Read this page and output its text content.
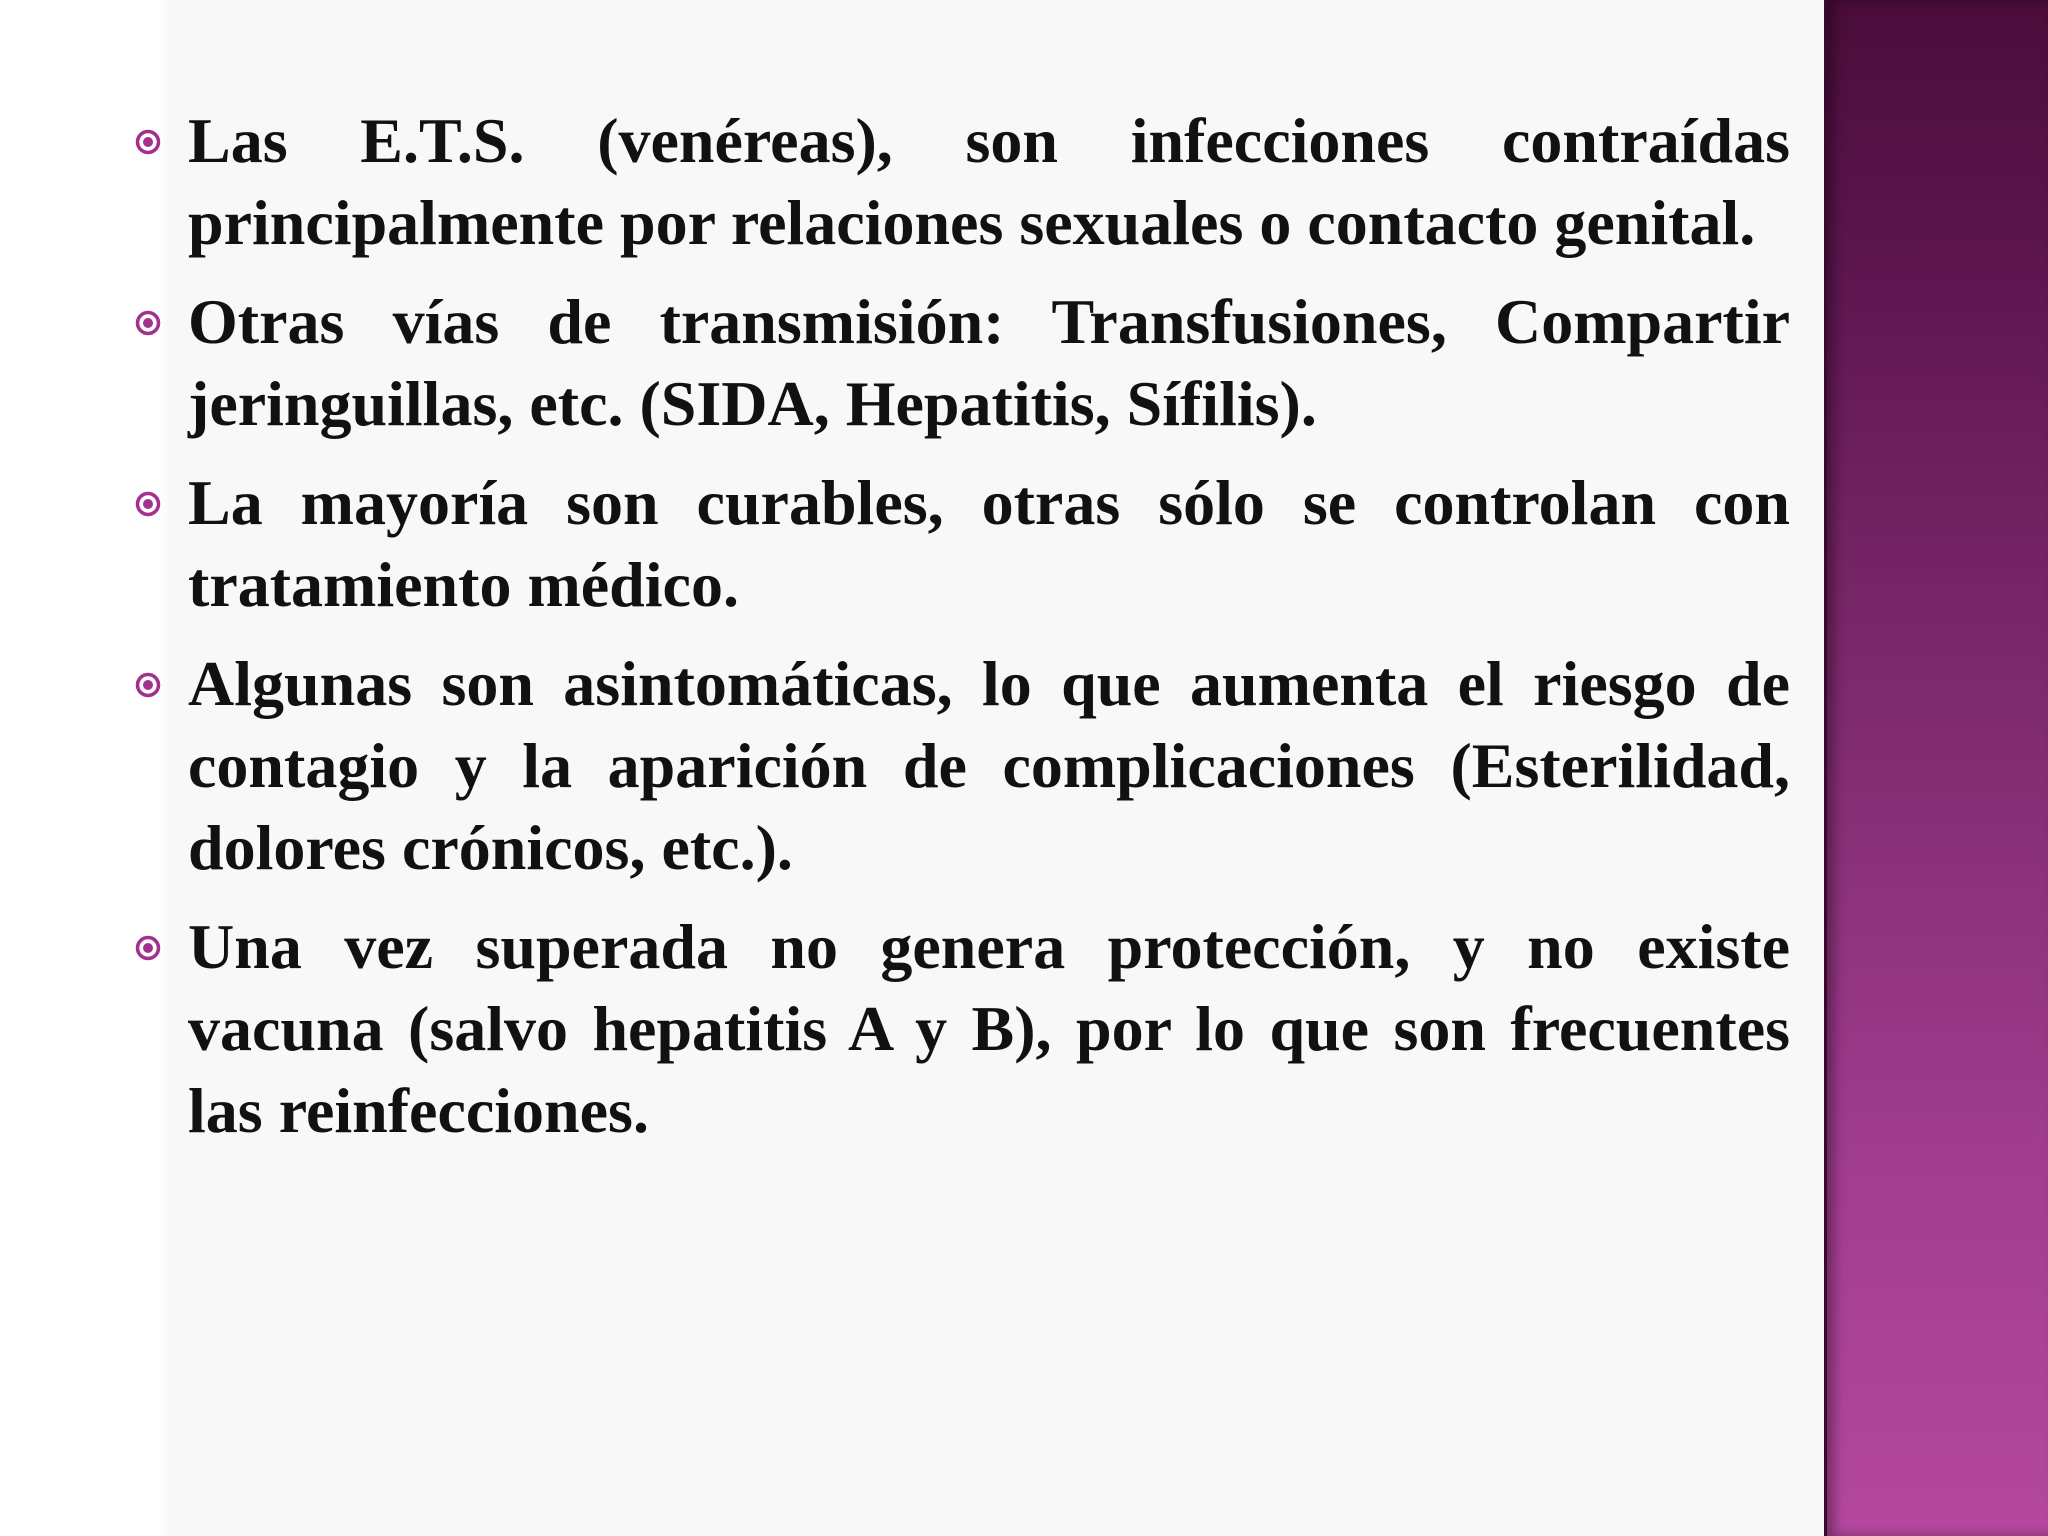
Las E.T.S. (venéreas), son infecciones contraídas principalmente por relaciones sexuales o contacto genital.
Otras vías de transmisión: Transfusiones, Compartir jeringuillas, etc. (SIDA, Hepatitis, Sífilis).
La mayoría son curables, otras sólo se controlan con tratamiento médico.
Algunas son asintomáticas, lo que aumenta el riesgo de contagio y la aparición de complicaciones (Esterilidad, dolores crónicos, etc.).
Una vez superada no genera protección, y no existe vacuna (salvo hepatitis A y B), por lo que son frecuentes las reinfecciones.
